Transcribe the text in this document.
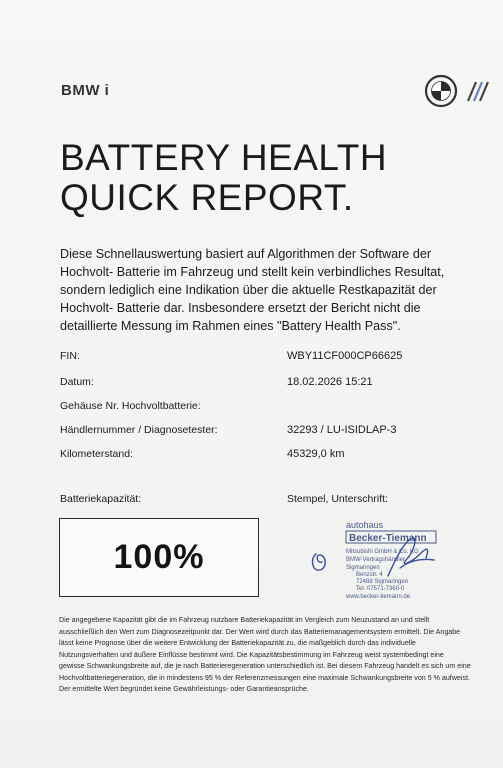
BMW i
BATTERY HEALTH
QUICK REPORT.
Diese Schnellauswertung basiert auf Algorithmen der Software der Hochvolt- Batterie im Fahrzeug und stellt kein verbindliches Resultat, sondern lediglich eine Indikation über die aktuelle Restkapazität der Hochvolt- Batterie dar. Insbesondere ersetzt der Bericht nicht die detaillierte Messung im Rahmen eines "Battery Health Pass".
FIN:	WBY11CF000CP66625
Datum:	18.02.2026 15:21
Gehäuse Nr. Hochvoltbatterie:
Händlernummer / Diagnosetester:	32293 / LU-ISIDLAP-3
Kilometerstand:	45329,0 km
Batteriekapazität:	Stempel, Unterschrift:
100%
autohaus
Becker-Tiemann
Mitsubishi GmbH & Co. KG
BMW-Vertragshändler
Sigmaringen
Benzstr. 4
72488 Sigmaringen
Tel. 07571-7360-0
www.becker-tiemann.de
Die angegebene Kapazität gibt die im Fahrzeug nutzbare Batteriekapazität im Vergleich zum Neuzustand an und stellt ausschließlich den Wert zum Diagnosezeitpunkt dar. Der Wert wird durch das Batteriemanagementsystem ermittelt. Die Angabe lässt keine Prognose über die weitere Entwicklung der Batteriekapazität zu, die maßgeblich durch das individuelle Nutzungsverhalten und äußere Einflüsse bestimmt wird. Die Kapazitätsbestimmung im Fahrzeug weist systembedingt eine gewisse Schwankungsbreite auf, die je nach Batterieregeneration unterschiedlich ist. Bei diesem Fahrzeug handelt es sich um eine Hochvoltbatteriegeneration, die in mindestens 95 % der Referenzmessungen eine maximale Schwankungsbreite von 5 % aufweist. Der ermittelte Wert begründet keine Gewährleistungs- oder Garantieansprüche.
